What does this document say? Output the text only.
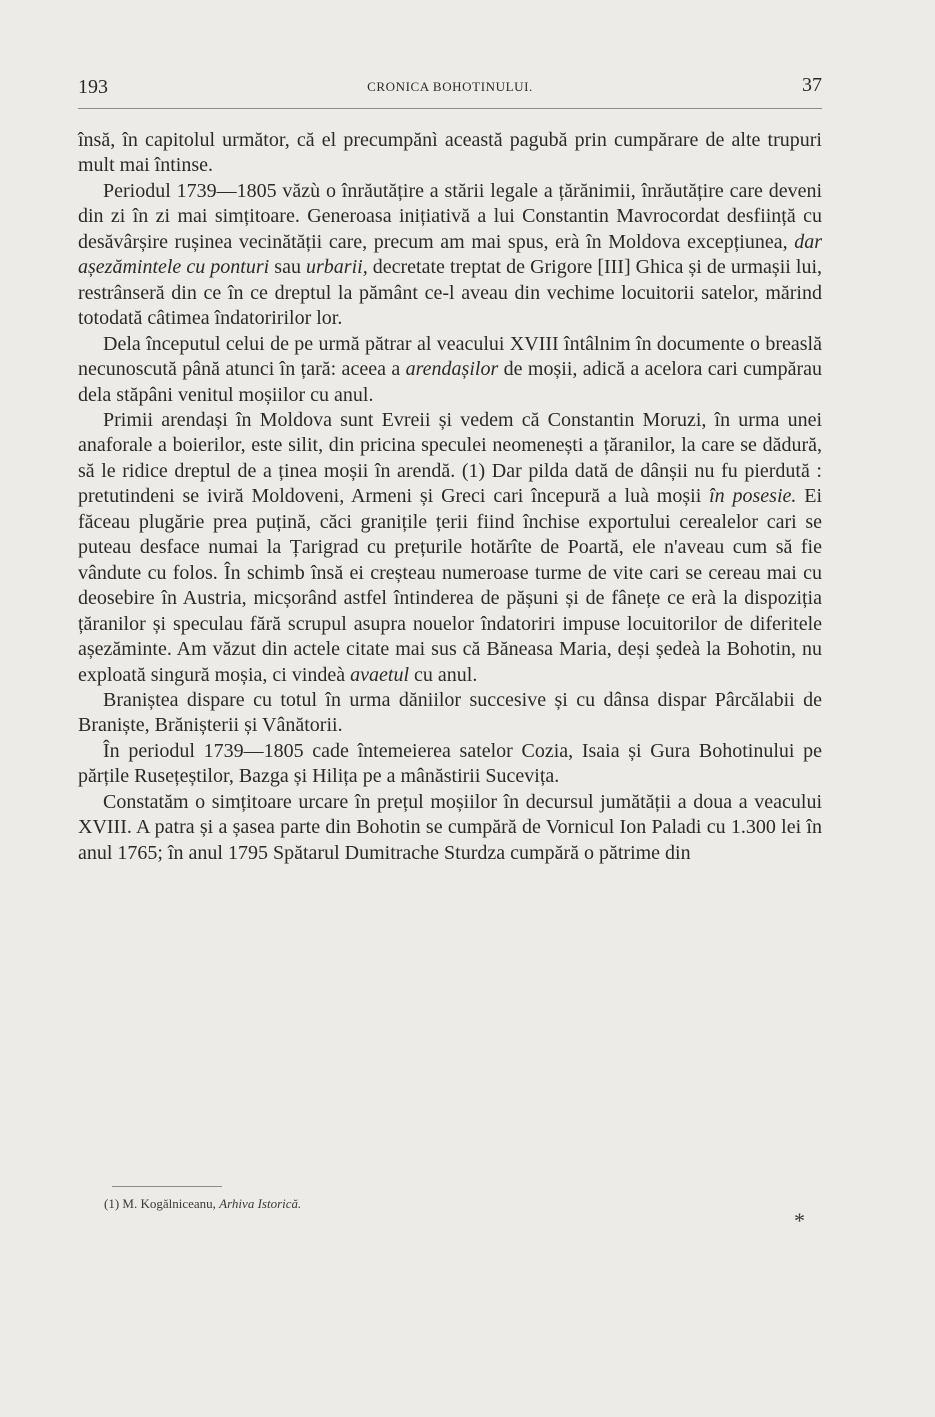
193	CRONICA BOHOTINULUI.	37

însă, în capitolul următor, că el precumpănì această pagubă prin cumpărare de alte trupuri mult mai întinse.

Periodul 1739—1805 văzù o înrăutățire a stării legale a țărănimii, înrăutățire care deveni din zi în zi mai simțitoare. Generoasa inițiativă a lui Constantin Mavrocordat desființă cu desăvârșire rușinea vecinătății care, precum am mai spus, erà în Moldova excepțiunea, dar așezămintele cu ponturi sau urbarii, decretate treptat de Grigore [III] Ghica și de urmașii lui, restrânseră din ce în ce dreptul la pământ ce-l aveau din vechime locuitorii satelor, mărind totodată câtimea îndatoririlor lor.

Dela începutul celui de pe urmă pătrar al veacului XVIII întâlnim în documente o breaslă necunoscută până atunci în țară: aceea a arendașilor de moșii, adică a acelora cari cumpărau dela stăpâni venitul moșiilor cu anul.

Primii arendași în Moldova sunt Evreii și vedem că Constantin Moruzi, în urma unei anaforale a boierilor, este silit, din pricina speculei neomenești a țăranilor, la care se dădură, să le ridice dreptul de a ținea moșii în arendă. (1) Dar pilda dată de dânșii nu fu pierdută : pretutindeni se iviră Moldoveni, Armeni și Greci cari începură a luà moșii în posesie. Ei făceau plugărie prea puțină, căci granițile țerii fiind închise exportului cerealelor cari se puteau desface numai la Țarigrad cu prețurile hotărîte de Poartă, ele n'aveau cum să fie vândute cu folos. În schimb însă ei creșteau numeroase turme de vite cari se cereau mai cu deosebire în Austria, micșorând astfel întinderea de pășuni și de fânețe ce erà la dispoziția țăranilor și speculau fără scrupul asupra nouelor îndatoriri impuse locuitorilor de diferitele așezăminte. Am văzut din actele citate mai sus că Băneasa Maria, deși ședeà la Bohotin, nu exploată singură moșia, ci vindeà avaetul cu anul.

Braniștea dispare cu totul în urma dăniilor succesive și cu dânsa dispar Pârcălabii de Braniște, Brănișterii și Vânătorii.

În periodul 1739—1805 cade întemeierea satelor Cozia, Isaia și Gura Bohotinului pe părțile Rusețeștilor, Bazga și Hilița pe a mânăstirii Sucevița.

Constatăm o simțitoare urcare în prețul moșiilor în decursul jumătății a doua a veacului XVIII. A patra și a șasea parte din Bohotin se cumpără de Vornicul Ion Paladi cu 1.300 lei în anul 1765; în anul 1795 Spătarul Dumitrache Sturdza cumpără o pătrime din

(1) M. Kogălniceanu, Arhiva Istorică.
*
